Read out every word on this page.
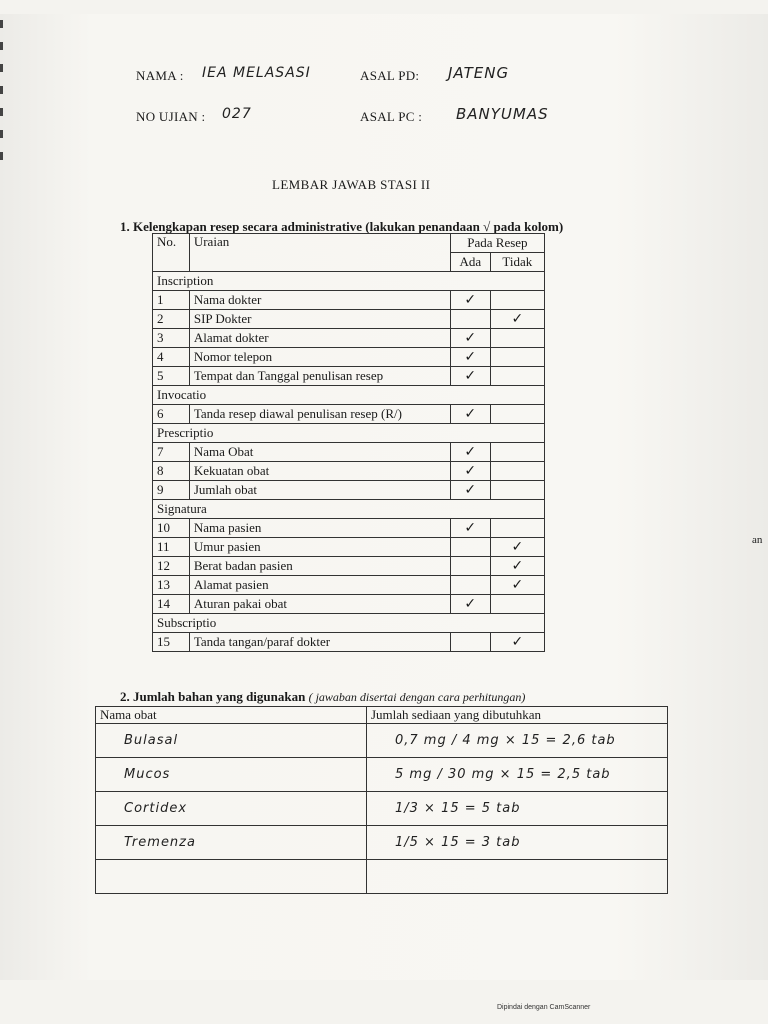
NAMA : IEA MELASASI	ASAL PD: JATENG
NO UJIAN : 027	ASAL PC : BANYUMAS
LEMBAR JAWAB STASI II
1. Kelengkapan resep secara administrative (lakukan penandaan √ pada kolom)
No.	Uraian	Pada Resep	
		Ada	Tidak
Inscription			
1	Nama dokter	✓	
2	SIP Dokter		✓
3	Alamat dokter	✓	
4	Nomor telepon	✓	
5	Tempat dan Tanggal penulisan resep	✓	
Invocatio			
6	Tanda resep diawal penulisan resep (R/)	✓	
Prescriptio			
7	Nama Obat	✓	
8	Kekuatan obat	✓	
9	Jumlah obat	✓	
Signatura			
10	Nama pasien	✓	
11	Umur pasien		✓
12	Berat badan pasien		✓
13	Alamat pasien		✓
14	Aturan pakai obat	✓	
Subscriptio			
15	Tanda tangan/paraf dokter		✓
2. Jumlah bahan yang digunakan ( jawaban disertai dengan cara perhitungan)
Nama obat	Jumlah sediaan yang dibutuhkan
Bulasal	0,7 mg / 4 mg × 15 = 2,6 tab
Mucos	5 mg / 30 mg × 15 = 2,5 tab
Cortidex	1/3 × 15 = 5 tab
Tremenza	1/5 × 15 = 3 tab

an
Dipindai dengan CamScanner
